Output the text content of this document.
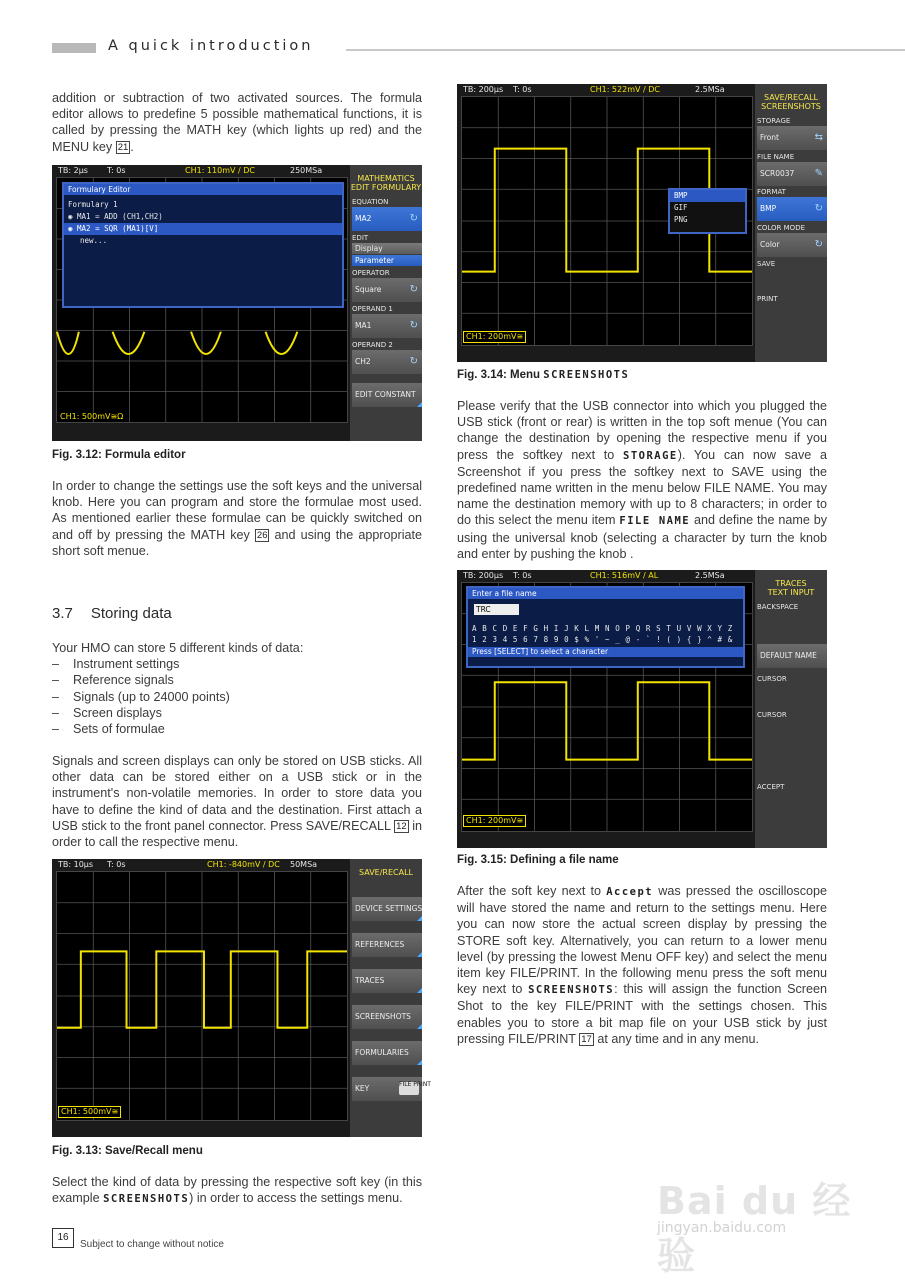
A quick introduction

addition or subtraction of two activated sources. The formula editor allows to predefine 5 possible mathematical functions, it is called by pressing the MATH key (which lights up red) and the MENU key 21 .

TB: 2µs T: 0s	CH1: 110mV / DC	250MSa
Formulary Editor
Formulary 1
◉ MA1 = ADD (CH1,CH2)
◉ MA2 = SQR (MA1)[V]
new...
MATHEMATICS
EDIT FORMULARY
EQUATION
MA2	↻
EDIT
Display
Parameter
OPERATOR
Square	↻
OPERAND 1
MA1	↻
OPERAND 2
CH2	↻
EDIT CONSTANT
CH1: 500mV≅Ω
Fig. 3.12: Formula editor

In order to change the settings use the soft keys and the universal knob. Here you can program and store the formulae most used. As mentioned earlier these formulae can be quickly switched on and off by pressing the MATH key 26 and using the appropriate short soft menue.

3.7 Storing data

Your HMO can store 5 different kinds of data:

– Instrument settings
– Reference signals
– Signals (up to 24000 points)
– Screen displays
– Sets of formulae

Signals and screen displays can only be stored on USB sticks. All other data can be stored either on a USB stick or in the instrument's non-volatile memories. In order to store data you have to define the kind of data and the destination. First attach a USB stick to the front panel connector. Press SAVE/RECALL 12 in order to call the respective menu.

TB: 10µs T: 0s	CH1: -840mV / DC 50MSa
SAVE/RECALL
DEVICE SETTINGS
REFERENCES
TRACES
SCREENSHOTS
FORMULARIES
KEY	FILE PRINT
CH1: 500mV≅
Fig. 3.13: Save/Recall menu

Select the kind of data by pressing the respective soft key (in this example SCREENSHOTS) in order to access the settings menu.

TB: 200µs T: 0s	CH1: 522mV / DC	2.5MSa
BMP
GIF
PNG
SAVE/RECALL
SCREENSHOTS
STORAGE
Front	⇆
FILE NAME
SCR0037 ✎
FORMAT
BMP	↻
COLOR MODE
Color	↻
SAVE
PRINT
CH1: 200mV≅
Fig. 3.14: Menu SCREENSHOTS

Please verify that the USB connector into which you plugged the USB stick (front or rear) is written in the top soft menue (You can change the destination by opening the respective menu if you press the softkey next to STORAGE). You can now save a Screenshot if you press the softkey next to SAVE using the predefined name written in the menu below FILE NAME. You may name the destination memory with up to 8 characters; in order to do this select the menu item FILE NAME and define the name by using the universal knob (selecting a character by turn the knob and enter by pushing the knob .

TB: 200µs T: 0s	CH1: 516mV / AL	2.5MSa
Enter a file name
TRC
A B C D E F G H I J K L M N O P Q R S T U V W X Y Z
1 2 3 4 5 6 7 8 9 0 $ % ' ~ _ @ - ` ! ( ) { } ^ # &
Press [SELECT] to select a character
TRACES
TEXT INPUT
BACKSPACE
DEFAULT NAME
CURSOR
CURSOR
ACCEPT
CH1: 200mV≅
Fig. 3.15: Defining a file name

After the soft key next to Accept was pressed the oscilloscope will have stored the name and return to the settings menu. Here you can now store the actual screen display by pressing the STORE soft key. Alternatively, you can return to a lower menu level (by pressing the lowest Menu OFF key) and select the menu item key FILE/PRINT. In the following menu press the soft menu key next to SCREENSHOTS: this will assign the function Screen Shot to the key FILE/PRINT with the settings chosen. This enables you to store a bit map file on your USB stick by just pressing FILE/PRINT 17 at any time and in any menu.

16
Subject to change without notice
Bai du 经验
jingyan.baidu.com
